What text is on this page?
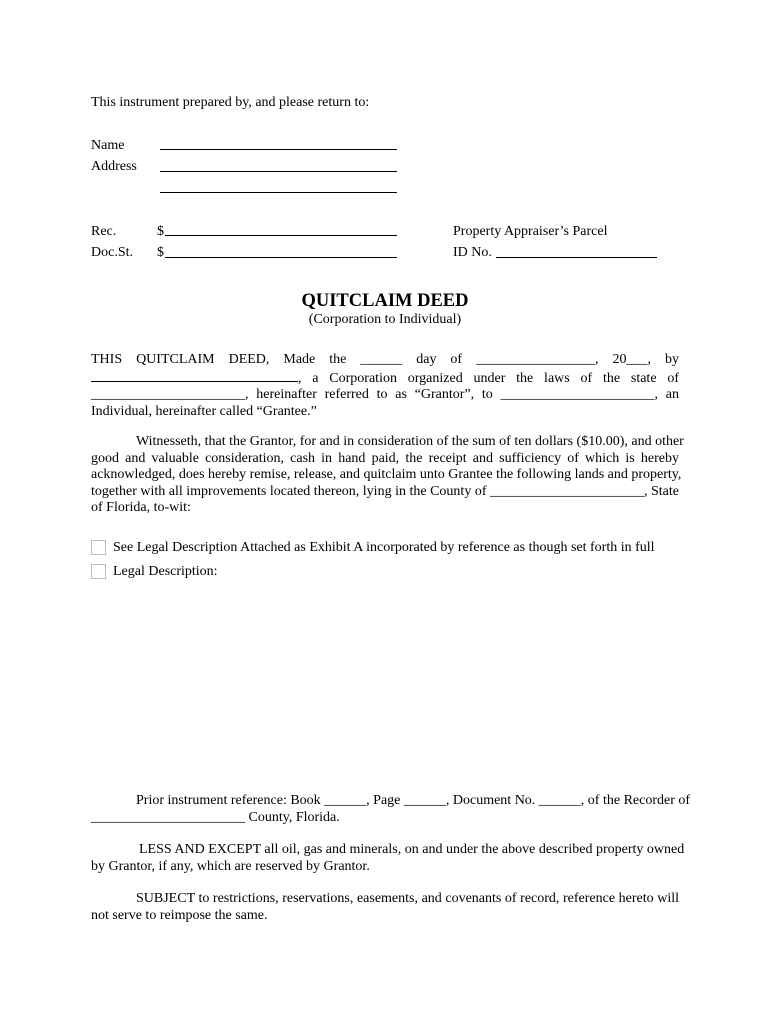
This instrument prepared by, and please return to:
Name
Address
Rec.	$
Doc.St. $
Property Appraiser’s Parcel
ID No.
QUITCLAIM DEED
(Corporation to Individual)
THIS QUITCLAIM DEED, Made the ______ day of _________________, 20___, by
, a Corporation organized under the laws of the state of
______________________, hereinafter referred to as “Grantor”, to ______________________, an
Individual, hereinafter called “Grantee.”
Witnesseth, that the Grantor, for and in consideration of the sum of ten dollars ($10.00), and other
good and valuable consideration, cash in hand paid, the receipt and sufficiency of which is hereby
acknowledged, does hereby remise, release, and quitclaim unto Grantee the following lands and property,
together with all improvements located thereon, lying in the County of ______________________, State
of Florida, to-wit:
See Legal Description Attached as Exhibit A incorporated by reference as though set forth in full
Legal Description:
Prior instrument reference: Book ______, Page ______, Document No. ______, of the Recorder of
______________________ County, Florida.
LESS AND EXCEPT all oil, gas and minerals, on and under the above described property owned
by Grantor, if any, which are reserved by Grantor.
SUBJECT to restrictions, reservations, easements, and covenants of record, reference hereto will
not serve to reimpose the same.
